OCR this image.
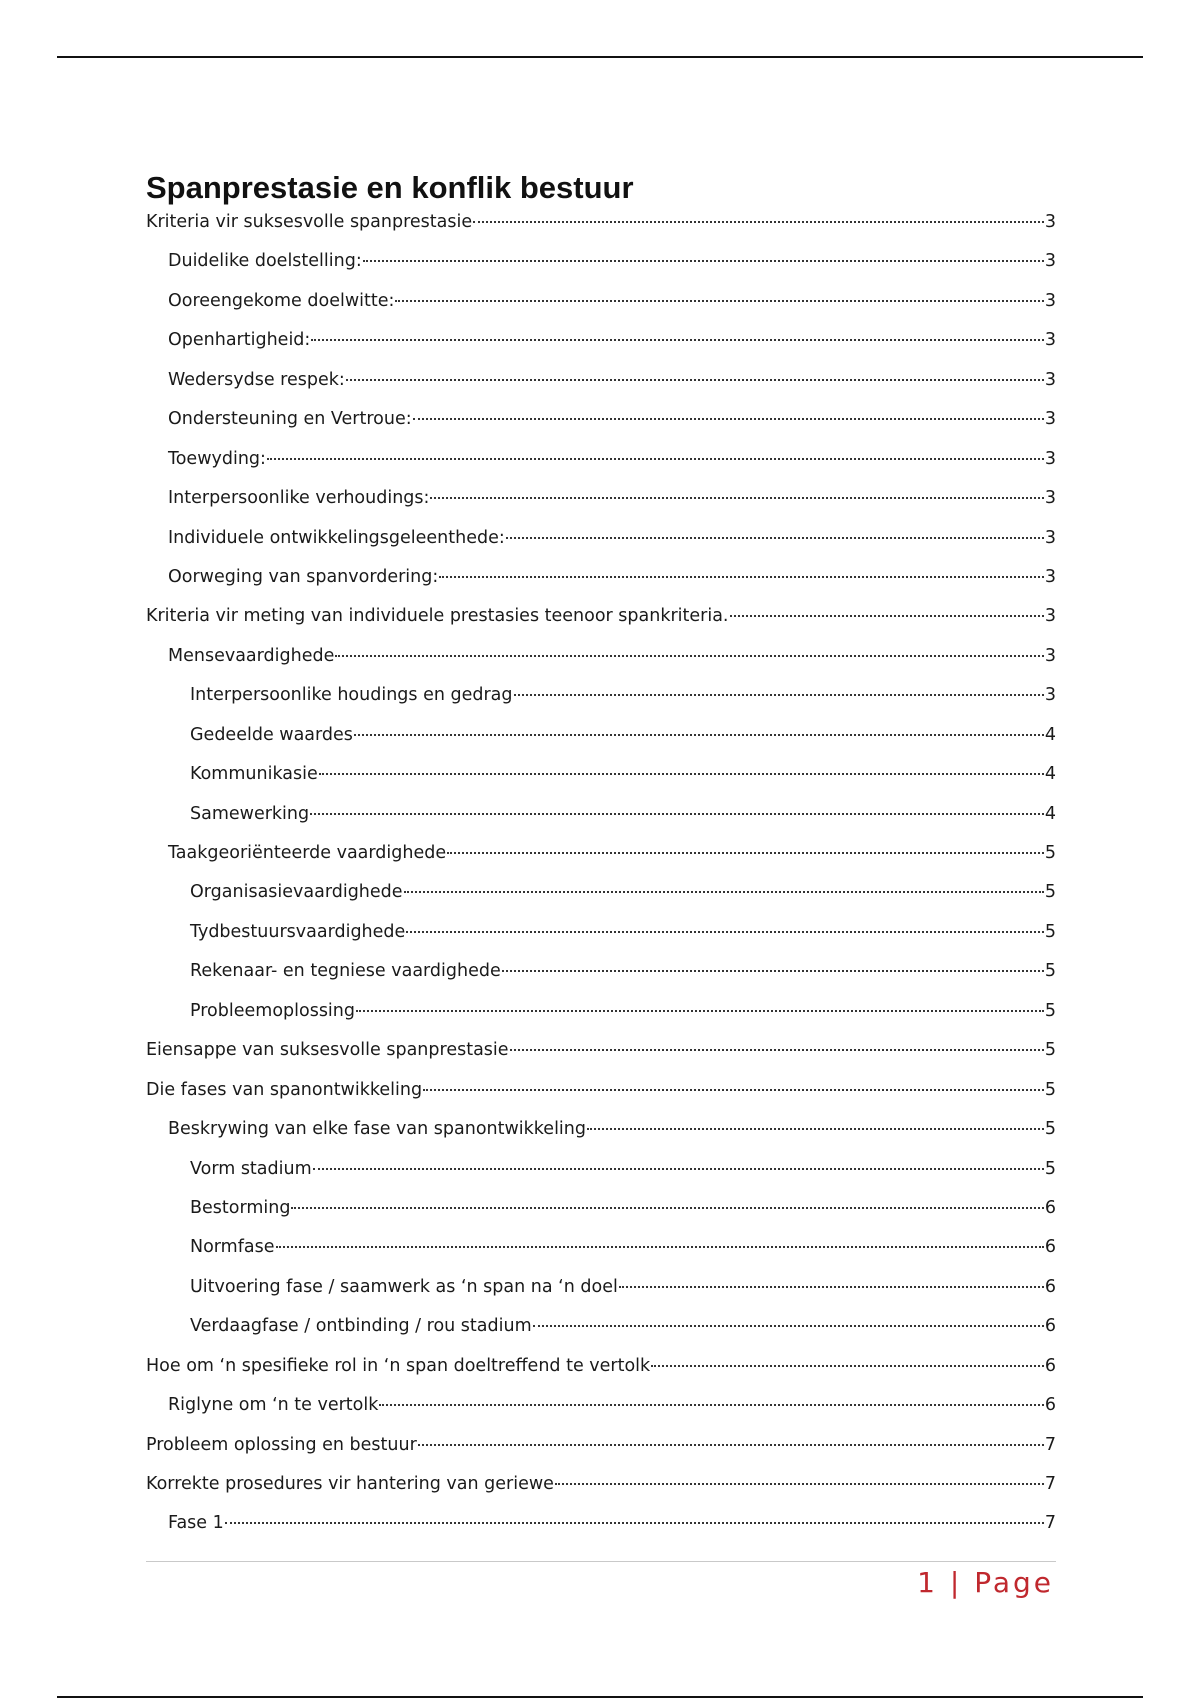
Spanprestasie en konflik bestuur
Kriteria vir suksesvolle spanprestasie	3
Duidelike doelstelling:	3
Ooreengekome doelwitte:	3
Openhartigheid:	3
Wedersydse respek:	3
Ondersteuning en Vertroue:	3
Toewyding:	3
Interpersoonlike verhoudings:	3
Individuele ontwikkelingsgeleenthede:	3
Oorweging van spanvordering:	3
Kriteria vir meting van individuele prestasies teenoor spankriteria.	3
Mensevaardighede	3
Interpersoonlike houdings en gedrag	3
Gedeelde waardes	4
Kommunikasie	4
Samewerking	4
Taakgeoriënteerde vaardighede	5
Organisasievaardighede	5
Tydbestuursvaardighede	5
Rekenaar- en tegniese vaardighede	5
Probleemoplossing	5
Eiensappe van suksesvolle spanprestasie	5
Die fases van spanontwikkeling	5
Beskrywing van elke fase van spanontwikkeling	5
Vorm stadium	5
Bestorming	6
Normfase	6
Uitvoering fase / saamwerk as ‘n span na ‘n doel	6
Verdaagfase / ontbinding / rou stadium	6
Hoe om ‘n spesifieke rol in ‘n span doeltreffend te vertolk	6
Riglyne om ‘n te vertolk	6
Probleem oplossing en bestuur	7
Korrekte prosedures vir hantering van geriewe	7
Fase 1	7
1 | Page
